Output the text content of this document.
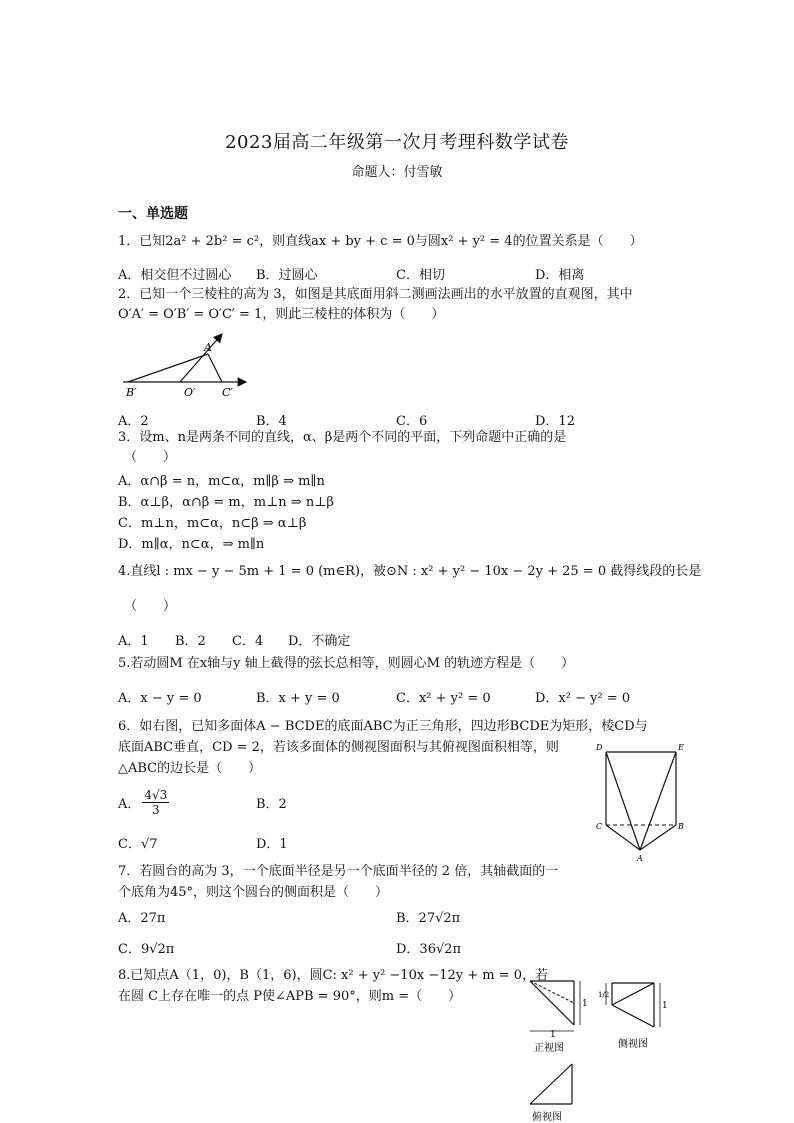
2023届高二年级第一次月考理科数学试卷
命题人：付雪敏
一、单选题
1．已知2a² + 2b² = c²，则直线ax + by + c = 0与圆x² + y² = 4的位置关系是（　　）
A．相交但不过圆心 B．过圆心	C．相切	D．相离
2．已知一个三棱柱的高为 3，如图是其底面用斜二测画法画出的水平放置的直观图，其中
O′A′ = O′B′ = O′C′ = 1，则此三棱柱的体积为（　　）
A′
B′	O′ C′
A．2	B．4	C．6	D．12
3．设m、n是两条不同的直线，α、β是两个不同的平面，下列命题中正确的是
（　　）
A．α∩β = n，m⊂α，m∥β ⇒ m∥n
B．α⊥β，α∩β = m，m⊥n ⇒ n⊥β
C．m⊥n，m⊂α，n⊂β ⇒ α⊥β
D．m∥α，n⊂α，⇒ m∥n
4.直线l : mx − y − 5m + 1 = 0 (m∈R)，被⊙N : x² + y² − 10x − 2y + 25 = 0 截得线段的长是
（　　）
A．1 B．2 C．4 D．不确定
5.若动圆M 在x轴与y 轴上截得的弦长总相等，则圆心M 的轨迹方程是（　　）
A．x − y = 0	B．x + y = 0	C．x² + y² = 0	D．x² − y² = 0
6．如右图，已知多面体A − BCDE的底面ABC为正三角形，四边形BCDE为矩形，棱CD与
底面ABC垂直，CD = 2，若该多面体的侧视图面积与其俯视图面积相等，则
△ABC的边长是（　　）
A． $\frac{4√3}{3}$	B．2
C．√7	D．1
D	E
C	B
A
7．若圆台的高为 3，一个底面半径是另一个底面半径的 2 倍，其轴截面的一
个底角为45°，则这个圆台的侧面积是（　　）
A．27π	B．27√2π
C．9√2π	D．36√2π
8.已知点A（1，0)，B（1，6)，圆C: x² + y² −10x −12y + m = 0，若
在圆 C上存在唯一的点 P使∠APB = 90°，则m =（　　）	1
1
正视图
1/2
1
侧视图
俯视图
